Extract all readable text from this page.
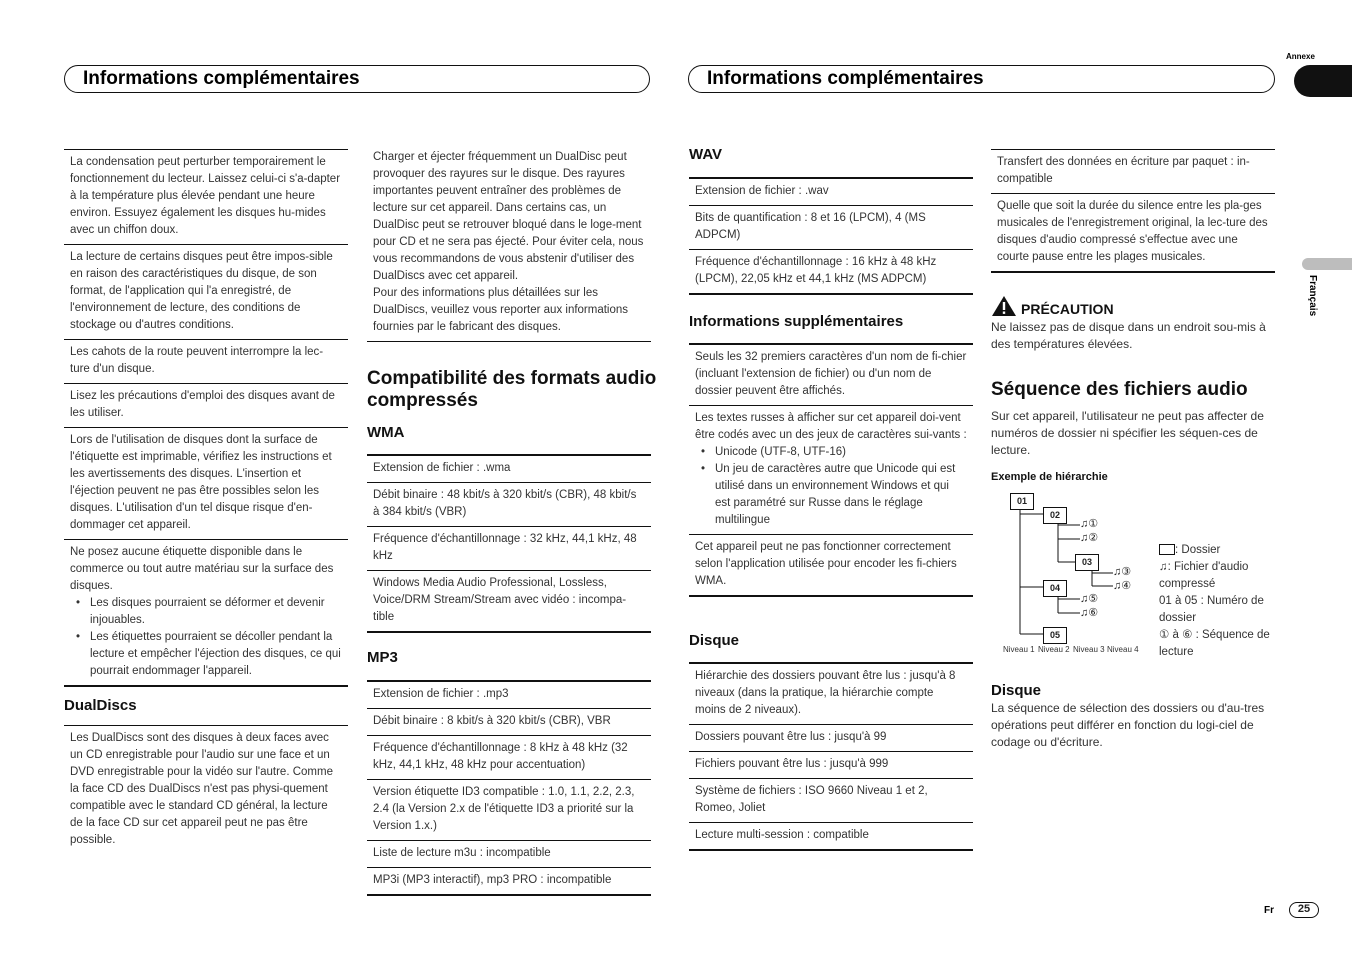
Informations complémentaires	Informations complémentaires
Annexe
Français
La condensation peut perturber temporairement le fonctionnement du lecteur. Laissez celui-ci s'a-dapter à la température plus élevée pendant une heure environ. Essuyez également les disques hu-mides avec un chiffon doux.
La lecture de certains disques peut être impos-sible en raison des caractéristiques du disque, de son format, de l'application qui l'a enregistré, de l'environnement de lecture, des conditions de stockage ou d'autres conditions.
Les cahots de la route peuvent interrompre la lec-ture d'un disque.
Lisez les précautions d'emploi des disques avant de les utiliser.
Lors de l'utilisation de disques dont la surface de l'étiquette est imprimable, vérifiez les instructions et les avertissements des disques. L'insertion et l'éjection peuvent ne pas être possibles selon les disques. L'utilisation d'un tel disque risque d'en-dommager cet appareil.
Ne posez aucune étiquette disponible dans le commerce ou tout autre matériau sur la surface des disques.
• Les disques pourraient se déformer et devenir injouables.
• Les étiquettes pourraient se décoller pendant la lecture et empêcher l'éjection des disques, ce qui pourrait endommager l'appareil.
DualDiscs
Les DualDiscs sont des disques à deux faces avec un CD enregistrable pour l'audio sur une face et un DVD enregistrable pour la vidéo sur l'autre. Comme la face CD des DualDiscs n'est pas physi-quement compatible avec le standard CD général, la lecture de la face CD sur cet appareil peut ne pas être possible.
Charger et éjecter fréquemment un DualDisc peut provoquer des rayures sur le disque. Des rayures importantes peuvent entraîner des problèmes de lecture sur cet appareil. Dans certains cas, un DualDisc peut se retrouver bloqué dans le loge-ment pour CD et ne sera pas éjecté. Pour éviter cela, nous vous recommandons de vous abstenir d'utiliser des DualDiscs avec cet appareil.
Pour des informations plus détaillées sur les DualDiscs, veuillez vous reporter aux informations fournies par le fabricant des disques.
Compatibilité des formats audio compressés
WMA
Extension de fichier : .wma
Débit binaire : 48 kbit/s à 320 kbit/s (CBR), 48 kbit/s à 384 kbit/s (VBR)
Fréquence d'échantillonnage : 32 kHz, 44,1 kHz, 48 kHz
Windows Media Audio Professional, Lossless, Voice/DRM Stream/Stream avec vidéo : incompa-tible
MP3
Extension de fichier : .mp3
Débit binaire : 8 kbit/s à 320 kbit/s (CBR), VBR
Fréquence d'échantillonnage : 8 kHz à 48 kHz (32 kHz, 44,1 kHz, 48 kHz pour accentuation)
Version étiquette ID3 compatible : 1.0, 1.1, 2.2, 2.3, 2.4 (la Version 2.x de l'étiquette ID3 a priorité sur la Version 1.x.)
Liste de lecture m3u : incompatible
MP3i (MP3 interactif), mp3 PRO : incompatible
WAV
Extension de fichier : .wav
Bits de quantification : 8 et 16 (LPCM), 4 (MS ADPCM)
Fréquence d'échantillonnage : 16 kHz à 48 kHz (LPCM), 22,05 kHz et 44,1 kHz (MS ADPCM)
Informations supplémentaires
Seuls les 32 premiers caractères d'un nom de fi-chier (incluant l'extension de fichier) ou d'un nom de dossier peuvent être affichés.
Les textes russes à afficher sur cet appareil doi-vent être codés avec un des jeux de caractères sui-vants :
• Unicode (UTF-8, UTF-16)
• Un jeu de caractères autre que Unicode qui est utilisé dans un environnement Windows et qui est paramétré sur Russe dans le réglage multilingue
Cet appareil peut ne pas fonctionner correctement selon l'application utilisée pour encoder les fi-chiers WMA.
Disque
Hiérarchie des dossiers pouvant être lus : jusqu'à 8 niveaux (dans la pratique, la hiérarchie compte moins de 2 niveaux).
Dossiers pouvant être lus : jusqu'à 99
Fichiers pouvant être lus : jusqu'à 999
Système de fichiers : ISO 9660 Niveau 1 et 2, Romeo, Joliet
Lecture multi-session : compatible
Transfert des données en écriture par paquet : in-compatible
Quelle que soit la durée du silence entre les pla-ges musicales de l'enregistrement original, la lec-ture des disques d'audio compressé s'effectue avec une courte pause entre les plages musicales.
PRÉCAUTION
Ne laissez pas de disque dans un endroit sou-mis à des températures élevées.
Séquence des fichiers audio
Sur cet appareil, l'utilisateur ne peut pas affecter de numéros de dossier ni spécifier les séquen-ces de lecture.
Exemple de hiérarchie
01
02
03
04
05
♫①
♫②
♫③
♫④
♫⑤
♫⑥
Niveau 1 Niveau 2 Niveau 3 Niveau 4
: Dossier
♫: Fichier d'audio compressé
01 à 05 : Numéro de dossier
① à ⑥ : Séquence de lecture
Disque
La séquence de sélection des dossiers ou d'au-tres opérations peut différer en fonction du logi-ciel de codage ou d'écriture.
Fr	25
